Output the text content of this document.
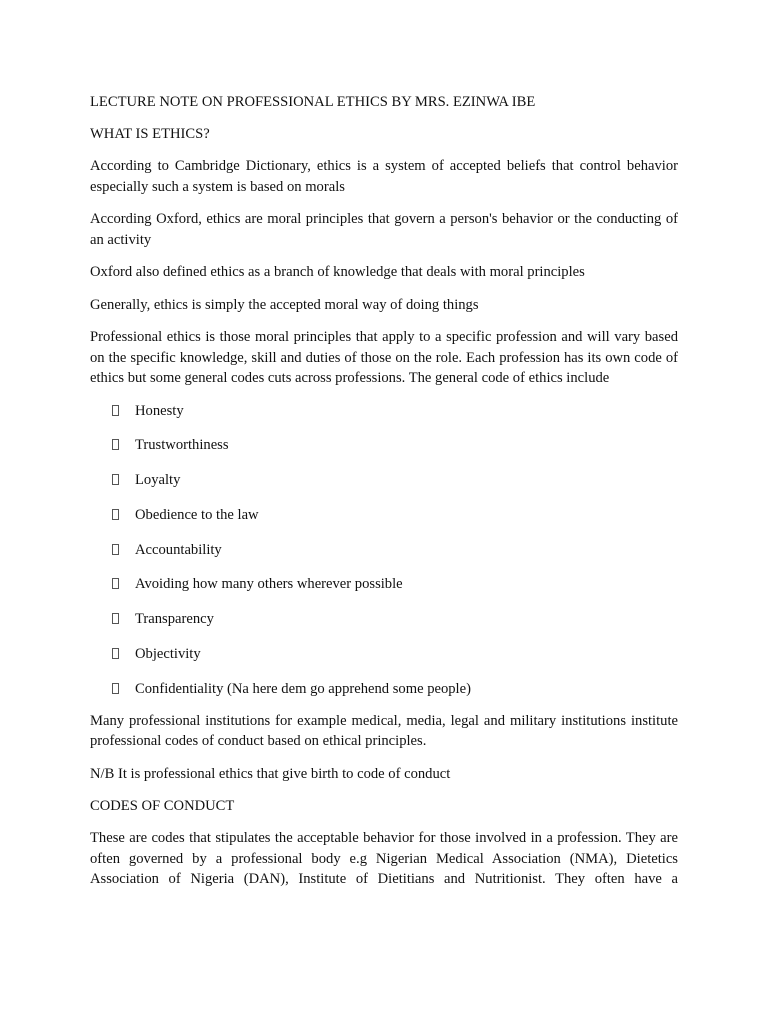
LECTURE NOTE ON PROFESSIONAL ETHICS BY MRS. EZINWA IBE

WHAT IS ETHICS?

According to Cambridge Dictionary, ethics is a system of accepted beliefs that control behavior especially such a system is based on morals

According Oxford, ethics are moral principles that govern a person's behavior or the conducting of an activity

Oxford also defined ethics as a branch of knowledge that deals with moral principles

Generally, ethics is simply the accepted moral way of doing things

Professional ethics is those moral principles that apply to a specific profession and will vary based on the specific knowledge, skill and duties of those on the role. Each profession has its own code of ethics but some general codes cuts across professions. The general code of ethics include

Honesty
Trustworthiness
Loyalty
Obedience to the law
Accountability
Avoiding how many others wherever possible
Transparency
Objectivity
Confidentiality (Na here dem go apprehend some people)

Many professional institutions for example medical, media, legal and military institutions institute professional codes of conduct based on ethical principles.

N/B It is professional ethics that give birth to code of conduct

CODES OF CONDUCT

These are codes that stipulates the acceptable behavior for those involved in a profession. They are often governed by a professional body e.g Nigerian Medical Association (NMA), Dietetics Association of Nigeria (DAN), Institute of Dietitians and Nutritionist. They often have a
